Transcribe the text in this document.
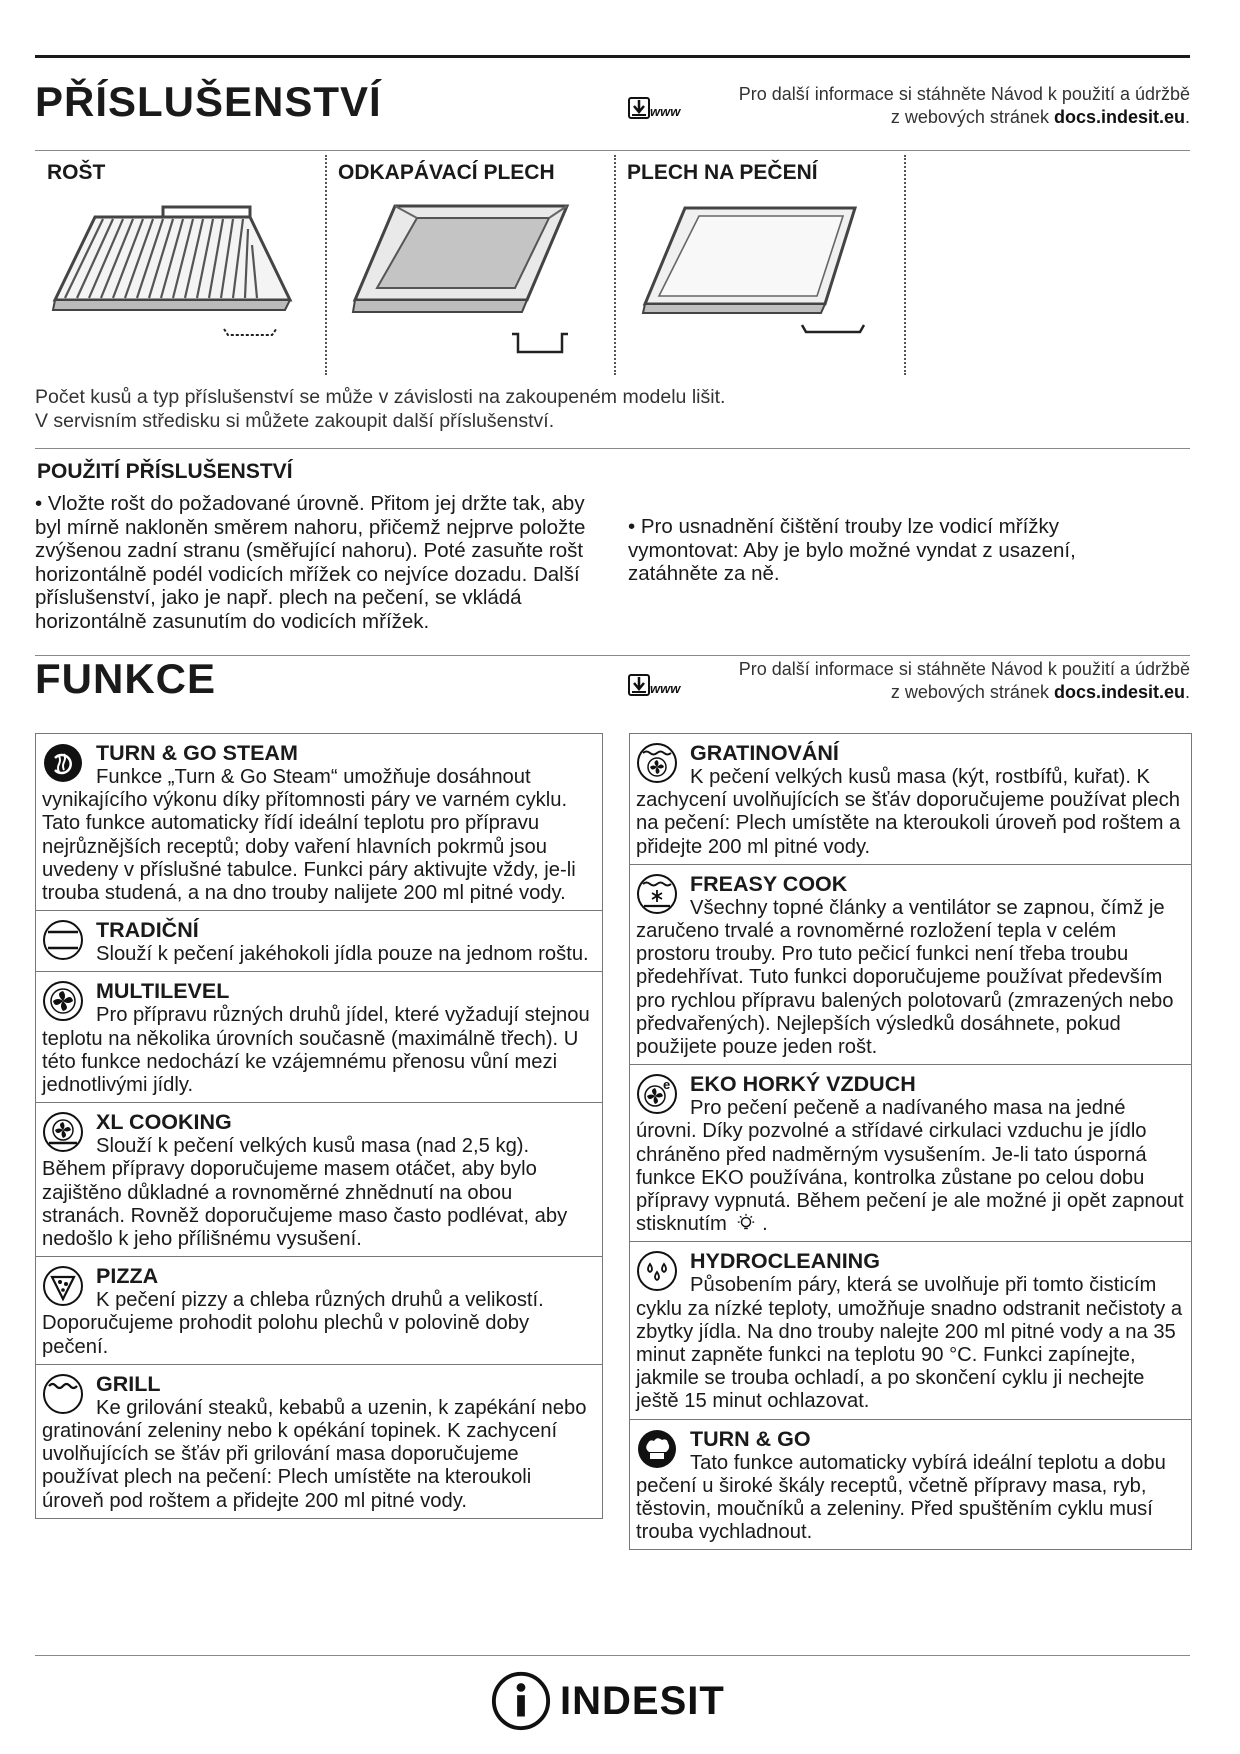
PŘÍSLUŠENSTVÍ	www
Pro další informace si stáhněte Návod k použití a údržbě
z webových stránek docs.indesit.eu.
ROŠT	ODKAPÁVACÍ PLECH	PLECH NA PEČENÍ
Počet kusů a typ příslušenství se může v závislosti na zakoupeném modelu lišit.
V servisním středisku si můžete zakoupit další příslušenství.
POUŽITÍ PŘÍSLUŠENSTVÍ
• Vložte rošt do požadované úrovně. Přitom jej držte tak, aby byl mírně nakloněn směrem nahoru, přičemž nejprve položte zvýšenou zadní stranu (směřující nahoru). Poté zasuňte rošt horizontálně podél vodicích mřížek co nejvíce dozadu. Další příslušenství, jako je např. plech na pečení, se vkládá horizontálně zasunutím do vodicích mřížek.
• Pro usnadnění čištění trouby lze vodicí mřížky vymontovat: Aby je bylo možné vyndat z usazení, zatáhněte za ně.
FUNKCE	www
Pro další informace si stáhněte Návod k použití a údržbě
z webových stránek docs.indesit.eu.
TURN & GO STEAM
Funkce „Turn & Go Steam“ umožňuje dosáhnout vynikajícího výkonu díky přítomnosti páry ve varném cyklu. Tato funkce automaticky řídí ideální teplotu pro přípravu nejrůznějších receptů; doby vaření hlavních pokrmů jsou uvedeny v příslušné tabulce. Funkci páry aktivujte vždy, je-li trouba studená, a na dno trouby nalijete 200 ml pitné vody.
TRADIČNÍ
Slouží k pečení jakéhokoli jídla pouze na jednom roštu.
MULTILEVEL
Pro přípravu různých druhů jídel, které vyžadují stejnou teplotu na několika úrovních současně (maximálně třech). U této funkce nedochází ke vzájemnému přenosu vůní mezi jednotlivými jídly.
XL COOKING
Slouží k pečení velkých kusů masa (nad 2,5 kg). Během přípravy doporučujeme masem otáčet, aby bylo zajištěno důkladné a rovnoměrné zhnědnutí na obou stranách. Rovněž doporučujeme maso často podlévat, aby nedošlo k jeho přílišnému vysušení.
PIZZA
K pečení pizzy a chleba různých druhů a velikostí. Doporučujeme prohodit polohu plechů v polovině doby pečení.
GRILL
Ke grilování steaků, kebabů a uzenin, k zapékání nebo gratinování zeleniny nebo k opékání topinek. K zachycení uvolňujících se šťáv při grilování masa doporučujeme používat plech na pečení: Plech umístěte na kteroukoli úroveň pod roštem a přidejte 200 ml pitné vody.
GRATINOVÁNÍ
K pečení velkých kusů masa (kýt, rostbífů, kuřat). K zachycení uvolňujících se šťáv doporučujeme používat plech na pečení: Plech umístěte na kteroukoli úroveň pod roštem a přidejte 200 ml pitné vody.
FREASY COOK
Všechny topné články a ventilátor se zapnou, čímž je zaručeno trvalé a rovnoměrné rozložení tepla v celém prostoru trouby. Pro tuto pečicí funkci není třeba troubu předehřívat. Tuto funkci doporučujeme používat především pro rychlou přípravu balených polotovarů (zmrazených nebo předvařených). Nejlepších výsledků dosáhnete, pokud použijete pouze jeden rošt.
e EKO HORKÝ VZDUCH
Pro pečení pečeně a nadívaného masa na jedné úrovni. Díky pozvolné a střídavé cirkulaci vzduchu je jídlo chráněno před nadměrným vysušením. Je-li tato úsporná funkce EKO používána, kontrolka zůstane po celou dobu přípravy vypnutá. Během pečení je ale možné ji opět zapnout stisknutím .
HYDROCLEANING
Působením páry, která se uvolňuje při tomto čisticím cyklu za nízké teploty, umožňuje snadno odstranit nečistoty a zbytky jídla. Na dno trouby nalejte 200 ml pitné vody a na 35 minut zapněte funkci na teplotu 90 °C. Funkci zapínejte, jakmile se trouba ochladí, a po skončení cyklu ji nechejte ještě 15 minut ochlazovat.
TURN & GO
Tato funkce automaticky vybírá ideální teplotu a dobu pečení u široké škály receptů, včetně přípravy masa, ryb, těstovin, moučníků a zeleniny. Před spuštěním cyklu musí trouba vychladnout.
INDESIT
